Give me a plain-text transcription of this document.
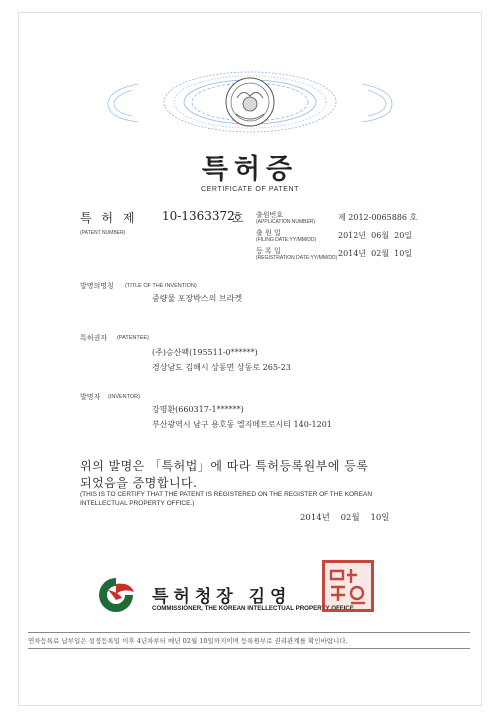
특허증
CERTIFICATE OF PATENT
특 허 제 10-1363372
호
(PATENT NUMBER)
출원번호
(APPLICATION NUMBER)	제 2012-0065886 호
출 원 일
(FILING DATE:YY/MM/DD)	2012년  06월  20일
등 록 일
(REGISTRATION DATE:YY/MM/DD) 2014년  02월  10일
발명의명칭 (TITLE OF THE INVENTION)
중량물 포장박스의 브라켓
특허권자 (PATENTEE)
(주)승산팩(195511-0******)
경상남도 김해시 상동면 상동로 265-23
발명자 (INVENTOR)
강명환(660317-1******)
부산광역시 남구 용호동 엘지메트로시티 140-1201
위의 발명은 「특허법」에 따라 특허등록원부에 등록
되었음을 증명합니다.
(THIS IS TO CERTIFY THAT THE PATENT IS REGISTERED ON THE REGISTER OF THE KOREAN
INTELLECTUAL PROPERTY OFFICE.)
2014년    02월    10일
특허청장 김영
COMMISSIONER, THE KOREAN INTELLECTUAL PROPERTY OFFICE
연차등록료 납부일은 설정등록일 이후 4년차부터 매년 02월 10일까지이며 등록원부로 권리관계를 확인바랍니다.
